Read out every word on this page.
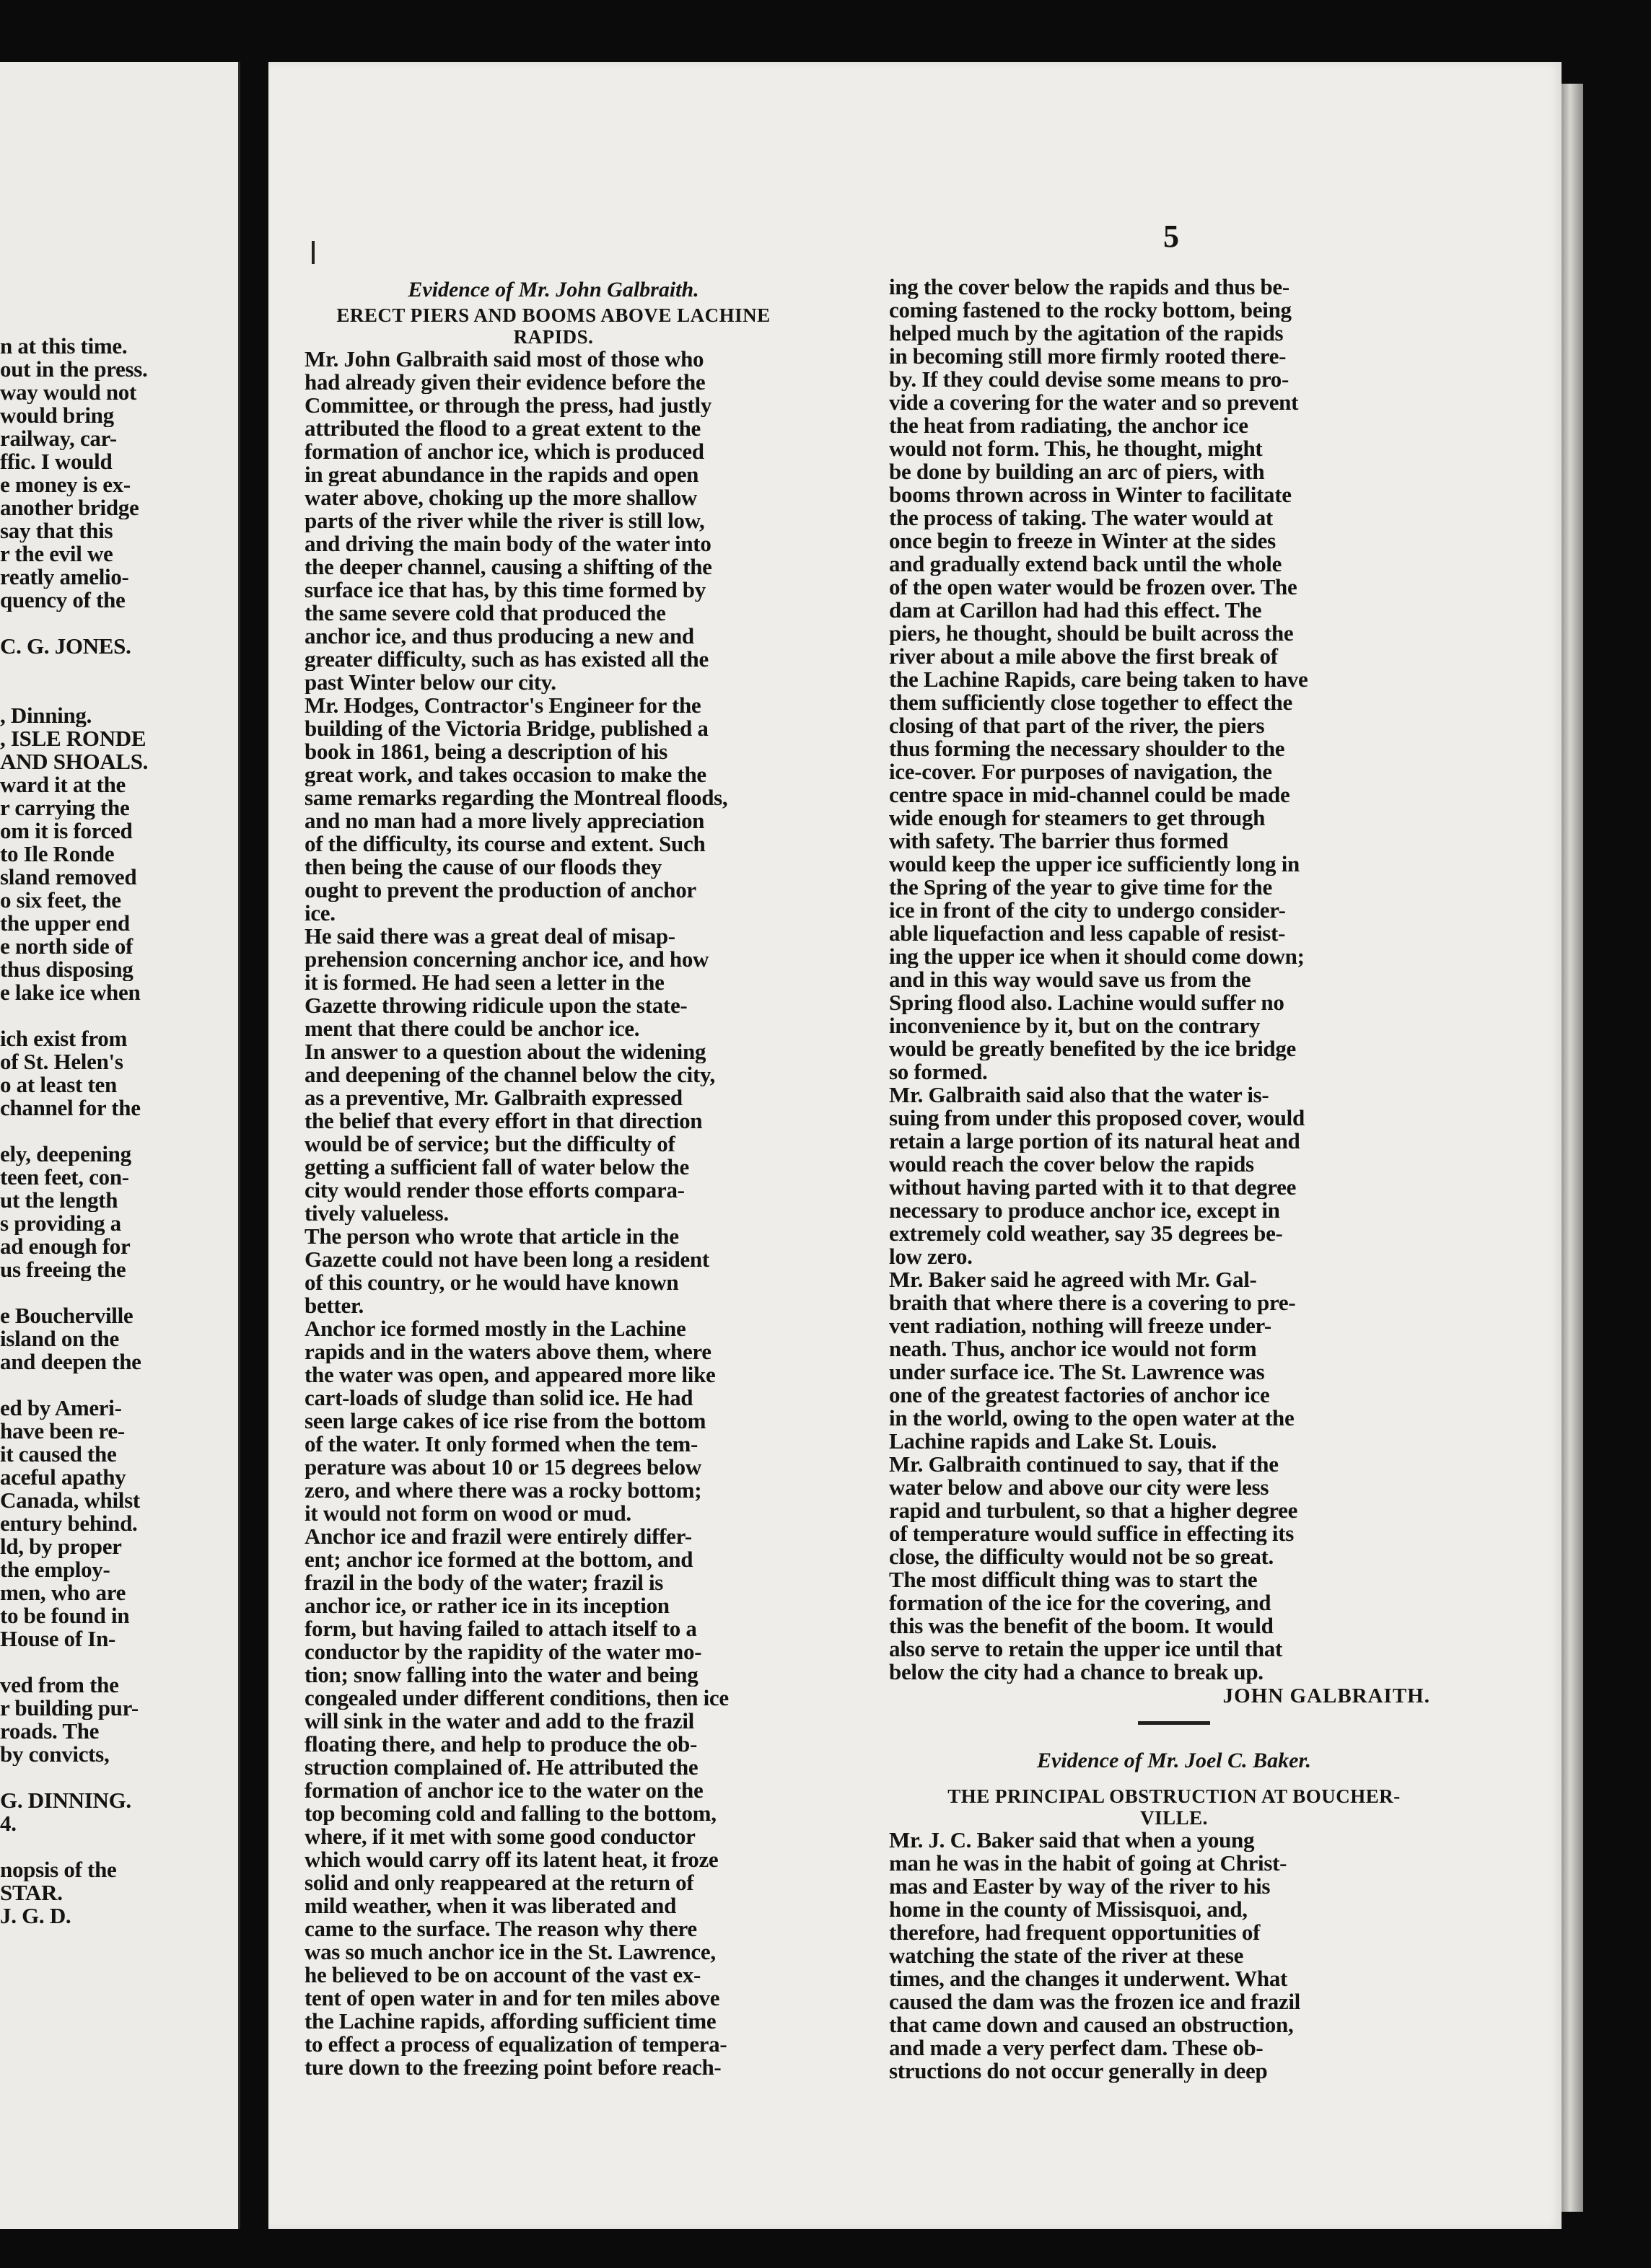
n at this time.
out in the press.
way would not
would bring
railway, car-
ffic. I would
e money is ex-
another bridge
say that this
r the evil we
reatly amelio-
quency of the
C. G. JONES.
, Dinning.
, ISLE RONDE
AND SHOALS.
ward it at the
r carrying the
om it is forced
to Ile Ronde
sland removed
o six feet, the
the upper end
e north side of
thus disposing
e lake ice when
ich exist from
of St. Helen's
o at least ten
channel for the
ely, deepening
teen feet, con-
ut the length
s providing a
ad enough for
us freeing the
e Boucherville
island on the
and deepen the
ed by Ameri-
have been re-
it caused the
aceful apathy
Canada, whilst
entury behind.
ld, by proper
the employ-
men, who are
to be found in
House of In-
ved from the
r building pur-
roads. The
by convicts,
G. DINNING.
4.
nopsis of the
STAR.
J. G. D.
5
Evidence of Mr. John Galbraith.
ERECT PIERS AND BOOMS ABOVE LACHINE
RAPIDS.
Mr. John Galbraith said most of those who
had already given their evidence before the
Committee, or through the press, had justly
attributed the flood to a great extent to the
formation of anchor ice, which is produced
in great abundance in the rapids and open
water above, choking up the more shallow
parts of the river while the river is still low,
and driving the main body of the water into
the deeper channel, causing a shifting of the
surface ice that has, by this time formed by
the same severe cold that produced the
anchor ice, and thus producing a new and
greater difficulty, such as has existed all the
past Winter below our city.
Mr. Hodges, Contractor's Engineer for the
building of the Victoria Bridge, published a
book in 1861, being a description of his
great work, and takes occasion to make the
same remarks regarding the Montreal floods,
and no man had a more lively appreciation
of the difficulty, its course and extent. Such
then being the cause of our floods they
ought to prevent the production of anchor
ice.
He said there was a great deal of misap-
prehension concerning anchor ice, and how
it is formed. He had seen a letter in the
Gazette throwing ridicule upon the state-
ment that there could be anchor ice.
In answer to a question about the widening
and deepening of the channel below the city,
as a preventive, Mr. Galbraith expressed
the belief that every effort in that direction
would be of service; but the difficulty of
getting a sufficient fall of water below the
city would render those efforts compara-
tively valueless.
The person who wrote that article in the
Gazette could not have been long a resident
of this country, or he would have known
better.
Anchor ice formed mostly in the Lachine
rapids and in the waters above them, where
the water was open, and appeared more like
cart-loads of sludge than solid ice. He had
seen large cakes of ice rise from the bottom
of the water. It only formed when the tem-
perature was about 10 or 15 degrees below
zero, and where there was a rocky bottom;
it would not form on wood or mud.
Anchor ice and frazil were entirely differ-
ent; anchor ice formed at the bottom, and
frazil in the body of the water; frazil is
anchor ice, or rather ice in its inception
form, but having failed to attach itself to a
conductor by the rapidity of the water mo-
tion; snow falling into the water and being
congealed under different conditions, then ice
will sink in the water and add to the frazil
floating there, and help to produce the ob-
struction complained of. He attributed the
formation of anchor ice to the water on the
top becoming cold and falling to the bottom,
where, if it met with some good conductor
which would carry off its latent heat, it froze
solid and only reappeared at the return of
mild weather, when it was liberated and
came to the surface. The reason why there
was so much anchor ice in the St. Lawrence,
he believed to be on account of the vast ex-
tent of open water in and for ten miles above
the Lachine rapids, affording sufficient time
to effect a process of equalization of tempera-
ture down to the freezing point before reach-
ing the cover below the rapids and thus be-
coming fastened to the rocky bottom, being
helped much by the agitation of the rapids
in becoming still more firmly rooted there-
by. If they could devise some means to pro-
vide a covering for the water and so prevent
the heat from radiating, the anchor ice
would not form. This, he thought, might
be done by building an arc of piers, with
booms thrown across in Winter to facilitate
the process of taking. The water would at
once begin to freeze in Winter at the sides
and gradually extend back until the whole
of the open water would be frozen over. The
dam at Carillon had had this effect. The
piers, he thought, should be built across the
river about a mile above the first break of
the Lachine Rapids, care being taken to have
them sufficiently close together to effect the
closing of that part of the river, the piers
thus forming the necessary shoulder to the
ice-cover. For purposes of navigation, the
centre space in mid-channel could be made
wide enough for steamers to get through
with safety. The barrier thus formed
would keep the upper ice sufficiently long in
the Spring of the year to give time for the
ice in front of the city to undergo consider-
able liquefaction and less capable of resist-
ing the upper ice when it should come down;
and in this way would save us from the
Spring flood also. Lachine would suffer no
inconvenience by it, but on the contrary
would be greatly benefited by the ice bridge
so formed.
Mr. Galbraith said also that the water is-
suing from under this proposed cover, would
retain a large portion of its natural heat and
would reach the cover below the rapids
without having parted with it to that degree
necessary to produce anchor ice, except in
extremely cold weather, say 35 degrees be-
low zero.
Mr. Baker said he agreed with Mr. Gal-
braith that where there is a covering to pre-
vent radiation, nothing will freeze under-
neath. Thus, anchor ice would not form
under surface ice. The St. Lawrence was
one of the greatest factories of anchor ice
in the world, owing to the open water at the
Lachine rapids and Lake St. Louis.
Mr. Galbraith continued to say, that if the
water below and above our city were less
rapid and turbulent, so that a higher degree
of temperature would suffice in effecting its
close, the difficulty would not be so great.
The most difficult thing was to start the
formation of the ice for the covering, and
this was the benefit of the boom. It would
also serve to retain the upper ice until that
below the city had a chance to break up.
JOHN GALBRAITH.
Evidence of Mr. Joel C. Baker.
THE PRINCIPAL OBSTRUCTION AT BOUCHER-
VILLE.
Mr. J. C. Baker said that when a young
man he was in the habit of going at Christ-
mas and Easter by way of the river to his
home in the county of Missisquoi, and,
therefore, had frequent opportunities of
watching the state of the river at these
times, and the changes it underwent. What
caused the dam was the frozen ice and frazil
that came down and caused an obstruction,
and made a very perfect dam. These ob-
structions do not occur generally in deep
